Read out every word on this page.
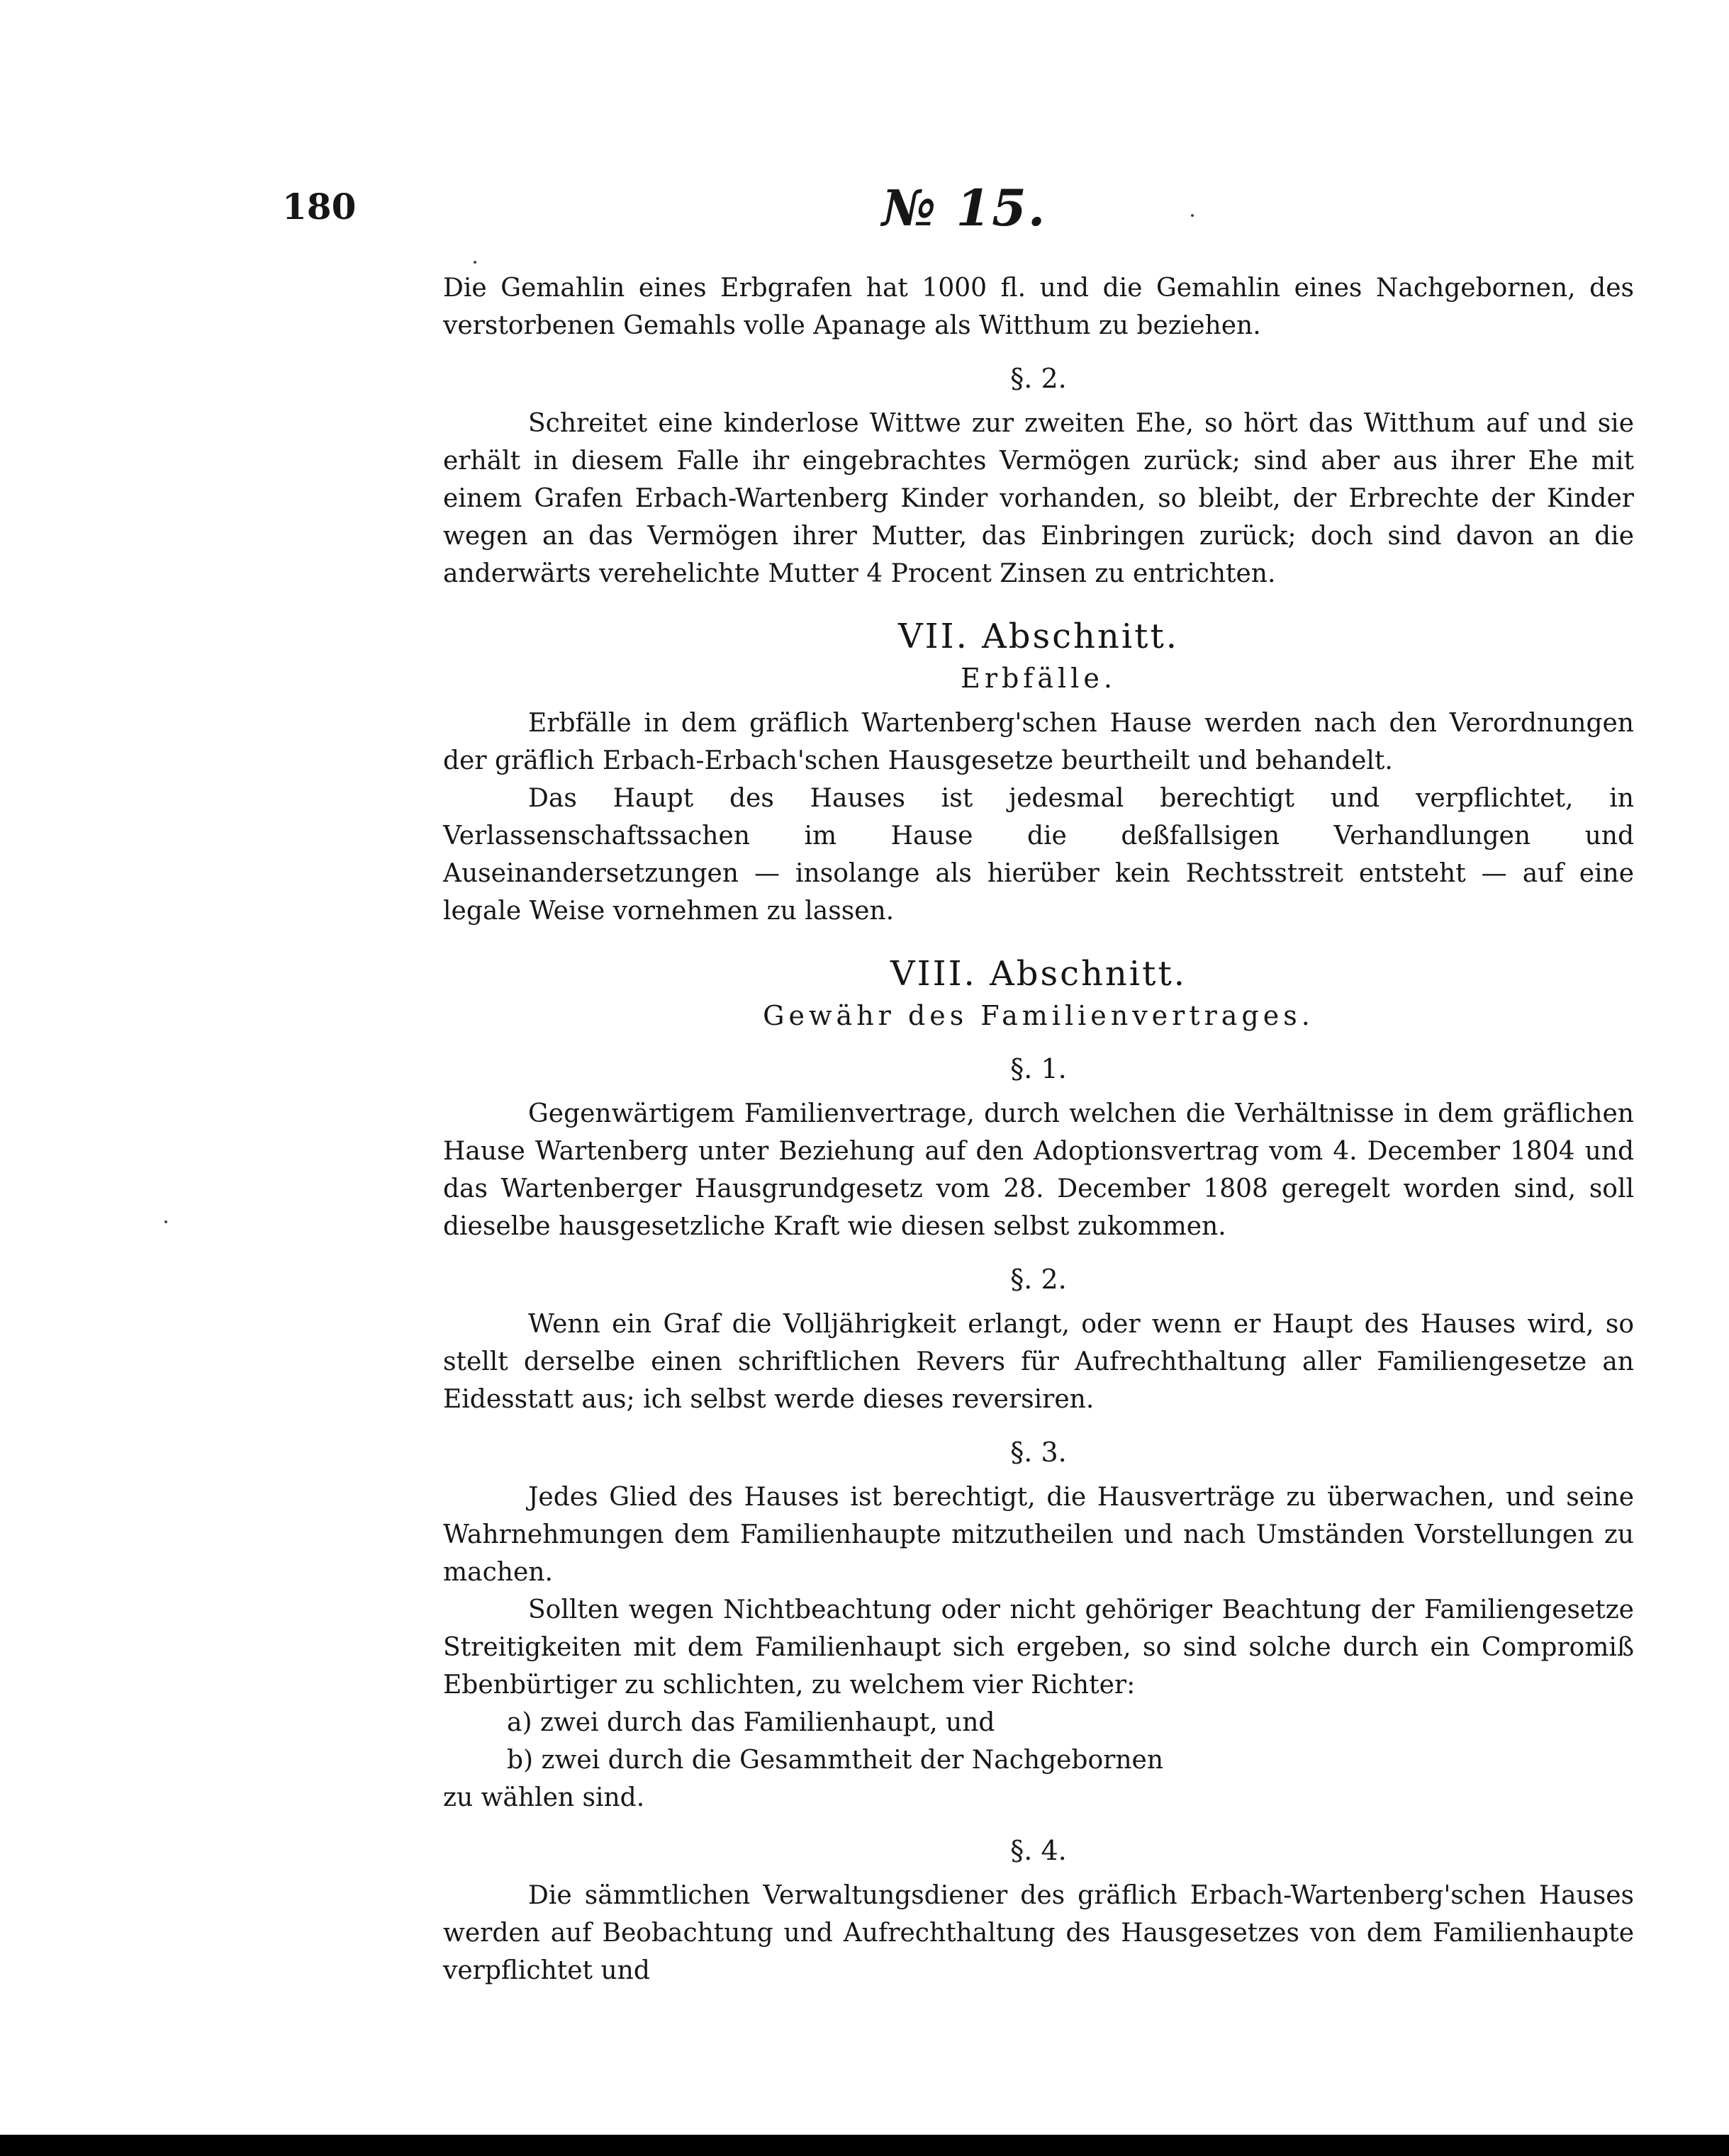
180	№ 15.

Die Gemahlin eines Erbgrafen hat 1000 fl. und die Gemahlin eines Nachgebornen, des verstorbenen Gemahls volle Apanage als Witthum zu beziehen.

§. 2.

Schreitet eine kinderlose Wittwe zur zweiten Ehe, so hört das Witthum auf und sie erhält in diesem Falle ihr eingebrachtes Vermögen zurück; sind aber aus ihrer Ehe mit einem Grafen Erbach-Wartenberg Kinder vorhanden, so bleibt, der Erbrechte der Kinder wegen an das Vermögen ihrer Mutter, das Einbringen zurück; doch sind davon an die anderwärts verehelichte Mutter 4 Procent Zinsen zu entrichten.

VII. Abschnitt.

Erbfälle.

Erbfälle in dem gräflich Wartenberg'schen Hause werden nach den Verordnungen der gräflich Erbach-Erbach'schen Hausgesetze beurtheilt und behandelt.

Das Haupt des Hauses ist jedesmal berechtigt und verpflichtet, in Verlassenschaftssachen im Hause die deßfallsigen Verhandlungen und Auseinandersetzungen — insolange als hierüber kein Rechtsstreit entsteht — auf eine legale Weise vornehmen zu lassen.

VIII. Abschnitt.

Gewähr des Familienvertrages.

§. 1.

Gegenwärtigem Familienvertrage, durch welchen die Verhältnisse in dem gräflichen Hause Wartenberg unter Beziehung auf den Adoptionsvertrag vom 4. December 1804 und das Wartenberger Hausgrundgesetz vom 28. December 1808 geregelt worden sind, soll dieselbe hausgesetzliche Kraft wie diesen selbst zukommen.

§. 2.

Wenn ein Graf die Volljährigkeit erlangt, oder wenn er Haupt des Hauses wird, so stellt derselbe einen schriftlichen Revers für Aufrechthaltung aller Familiengesetze an Eidesstatt aus; ich selbst werde dieses reversiren.

§. 3.

Jedes Glied des Hauses ist berechtigt, die Hausverträge zu überwachen, und seine Wahrnehmungen dem Familienhaupte mitzutheilen und nach Umständen Vorstellungen zu machen.

Sollten wegen Nichtbeachtung oder nicht gehöriger Beachtung der Familiengesetze Streitigkeiten mit dem Familienhaupt sich ergeben, so sind solche durch ein Compromiß Ebenbürtiger zu schlichten, zu welchem vier Richter:

a) zwei durch das Familienhaupt, und

b) zwei durch die Gesammtheit der Nachgebornen

zu wählen sind.

§. 4.

Die sämmtlichen Verwaltungsdiener des gräflich Erbach-Wartenberg'schen Hauses werden auf Beobachtung und Aufrechthaltung des Hausgesetzes von dem Familienhaupte verpflichtet und
